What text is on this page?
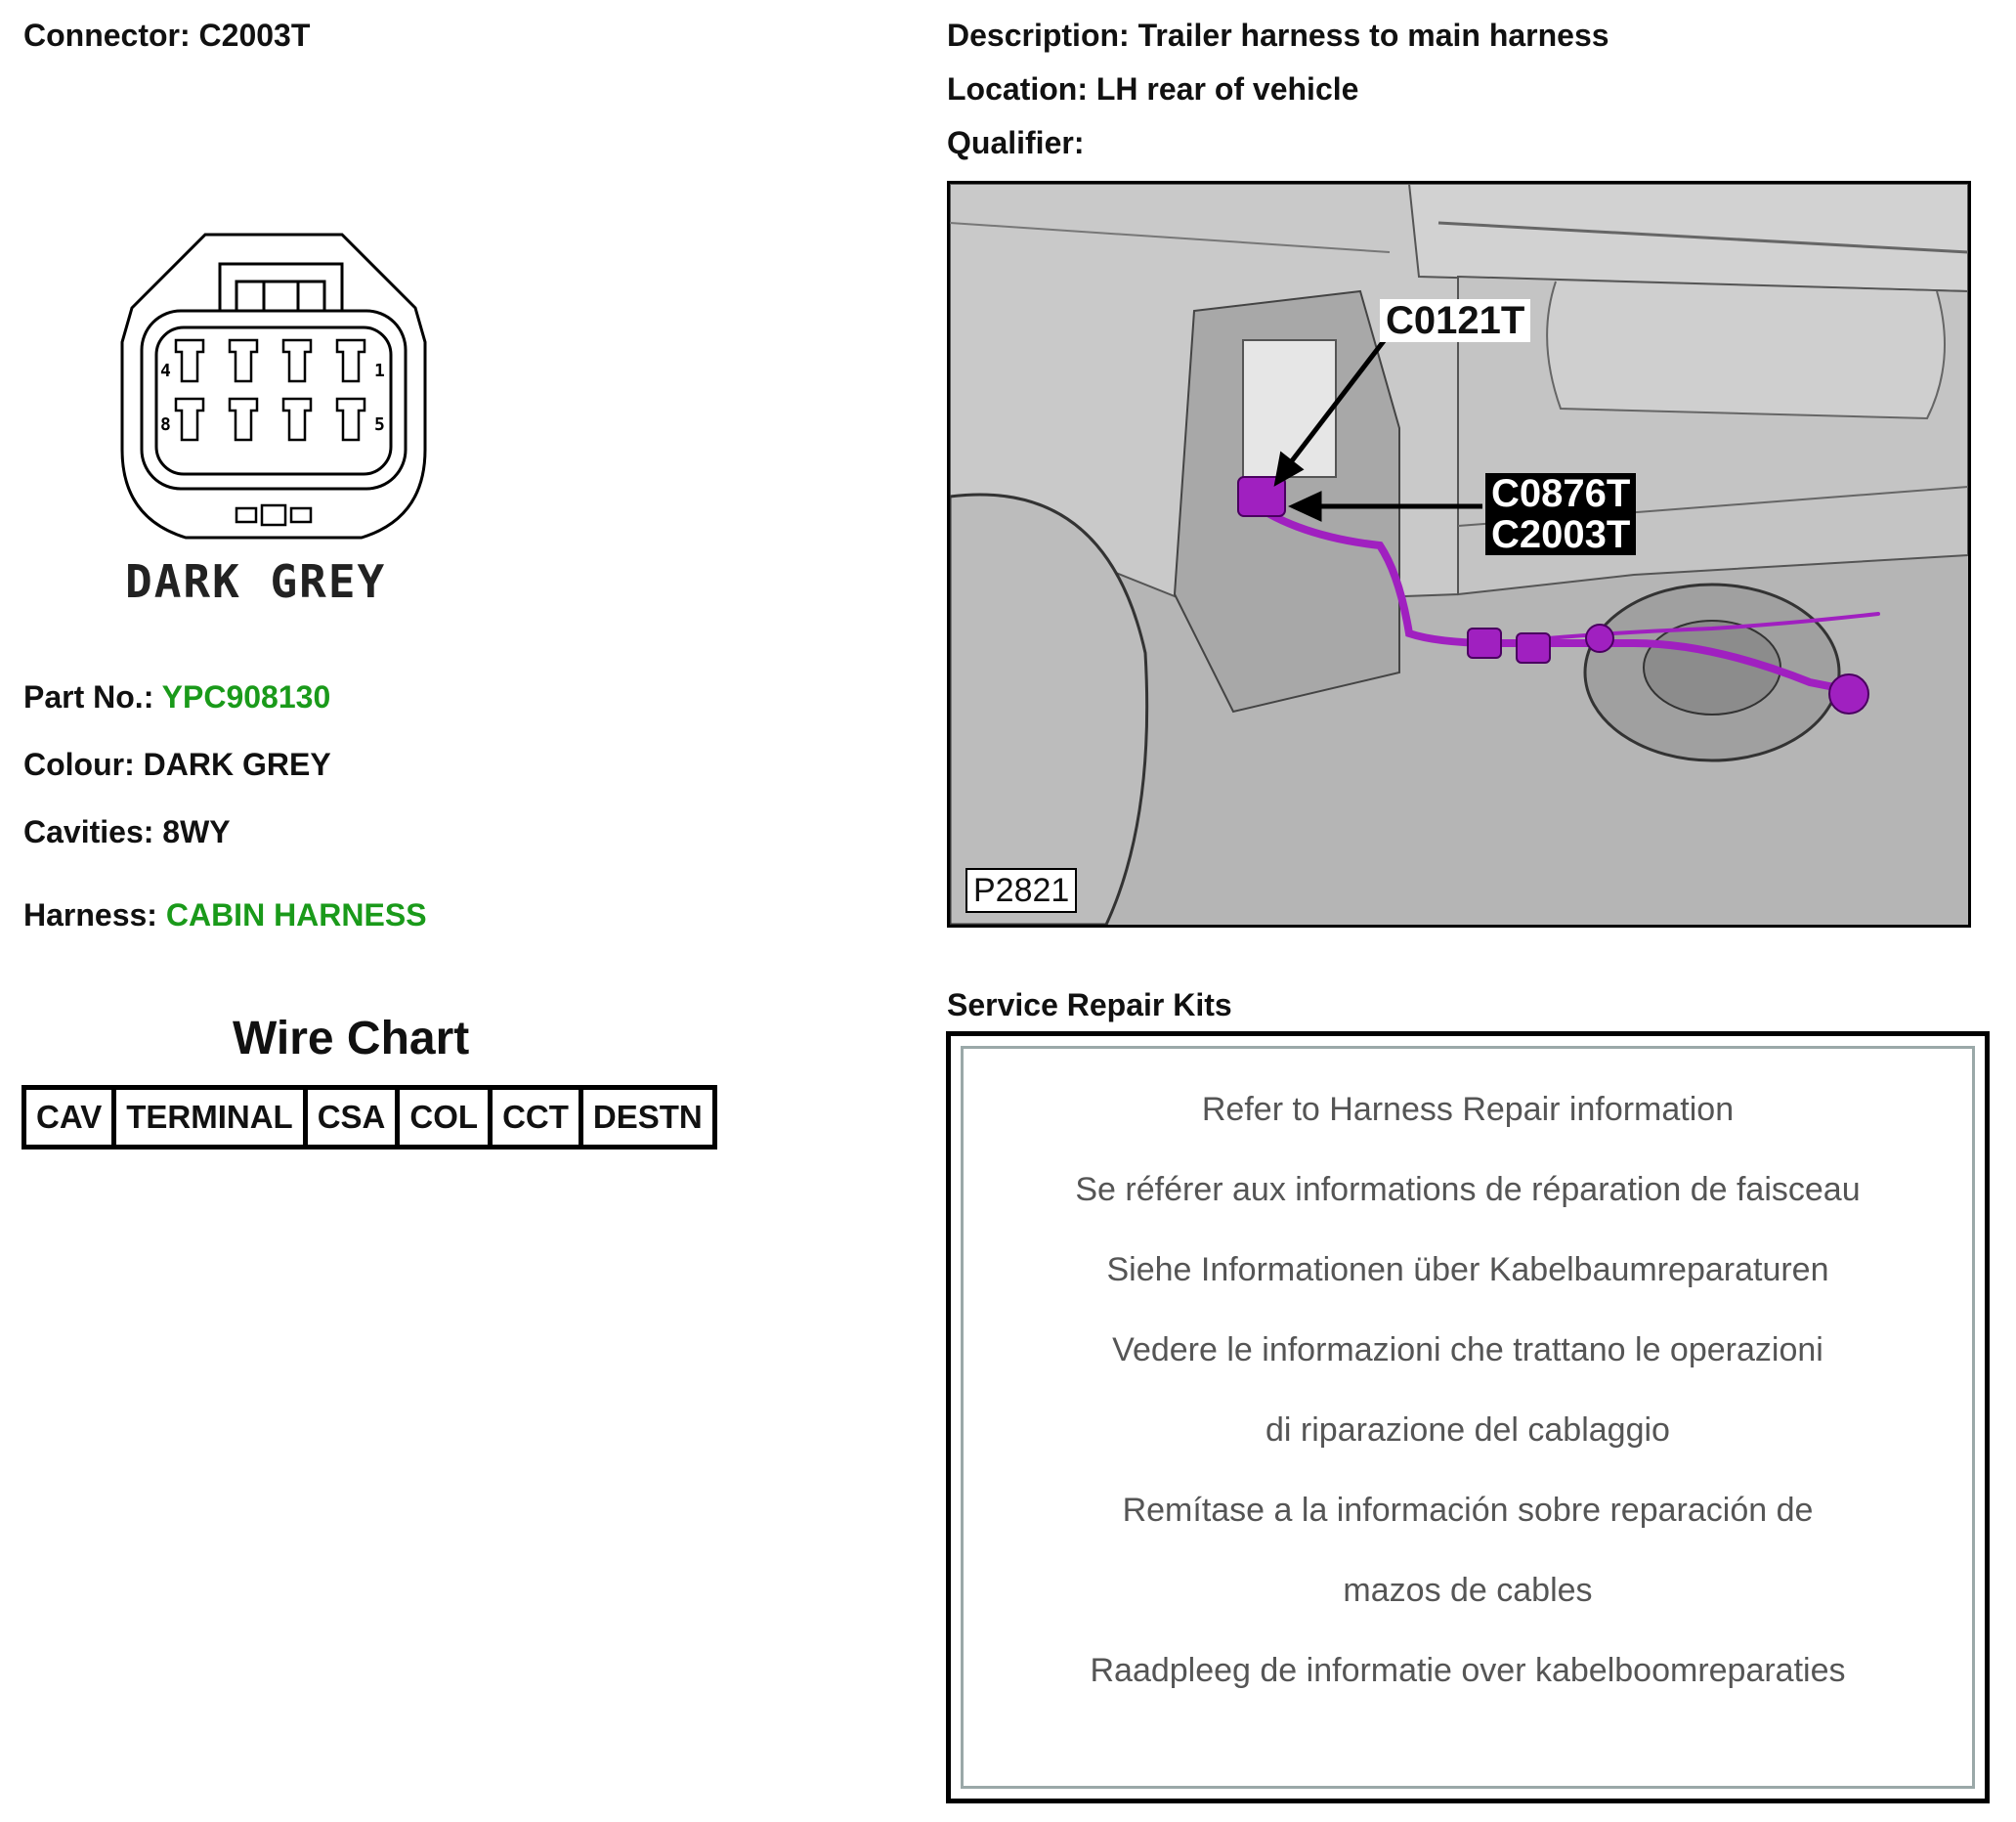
Connector: C2003T	Description: Trailer harness to main harness
Location: LH rear of vehicle
Qualifier:
4	1
8	5
DARK GREY
Part No.: YPC908130
Colour: DARK GREY
Cavities: 8WY
Harness: CABIN HARNESS
Wire Chart
CAV	TERMINAL	CSA	COL	CCT	DESTN
C0121T
C0876T
C2003T
P2821
Service Repair Kits
Refer to Harness Repair information
Se référer aux informations de réparation de faisceau
Siehe Informationen über Kabelbaumreparaturen
Vedere le informazioni che trattano le operazioni
di riparazione del cablaggio
Remítase a la información sobre reparación de
mazos de cables
Raadpleeg de informatie over kabelboomreparaties
